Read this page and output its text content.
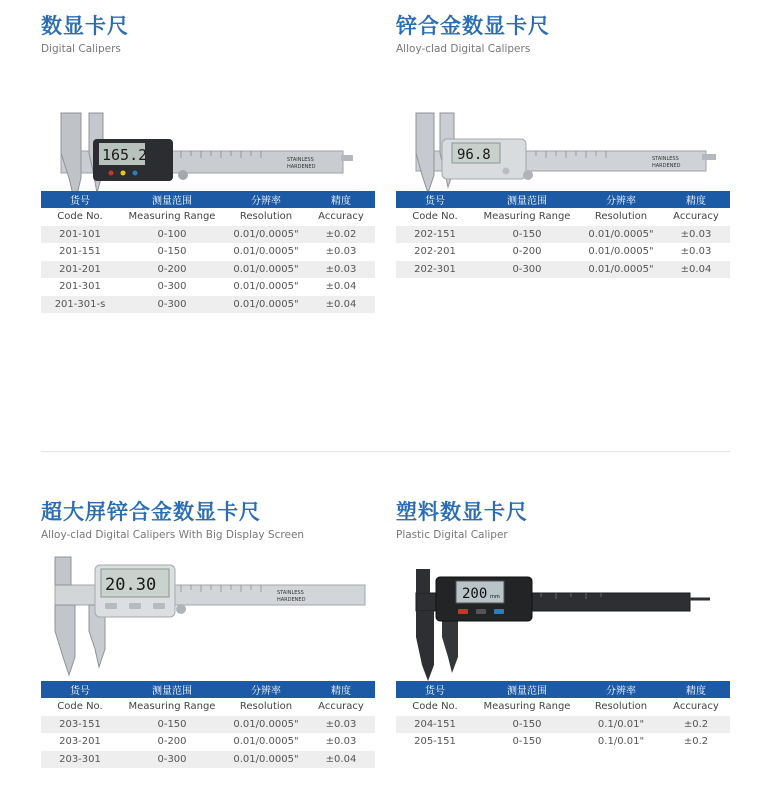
数显卡尺
Digital Calipers
STAINLESS
HARDENED
165.2
货号	测量范围	分辨率	精度
Code No.	Measuring Range	Resolution	Accuracy
201-101	0-100	0.01/0.0005"	±0.02
201-151	0-150	0.01/0.0005"	±0.03
201-201	0-200	0.01/0.0005"	±0.03
201-301	0-300	0.01/0.0005"	±0.04
201-301-s	0-300	0.01/0.0005"	±0.04
锌合金数显卡尺
Alloy-clad Digital Calipers
STAINLESS
HARDENED
96.8
货号	测量范围	分辨率	精度
Code No.	Measuring Range	Resolution	Accuracy
202-151	0-150	0.01/0.0005"	±0.03
202-201	0-200	0.01/0.0005"	±0.03
202-301	0-300	0.01/0.0005"	±0.04
超大屏锌合金数显卡尺
Alloy-clad Digital Calipers With Big Display Screen
STAINLESS
HARDENED
20.30
货号	测量范围	分辨率	精度
Code No.	Measuring Range	Resolution	Accuracy
203-151	0-150	0.01/0.0005"	±0.03
203-201	0-200	0.01/0.0005"	±0.03
203-301	0-300	0.01/0.0005"	±0.04
塑料数显卡尺
Plastic Digital Caliper
200 mm
货号	测量范围	分辨率	精度
Code No.	Measuring Range	Resolution	Accuracy
204-151	0-150	0.1/0.01"	±0.2
205-151	0-150	0.1/0.01"	±0.2
